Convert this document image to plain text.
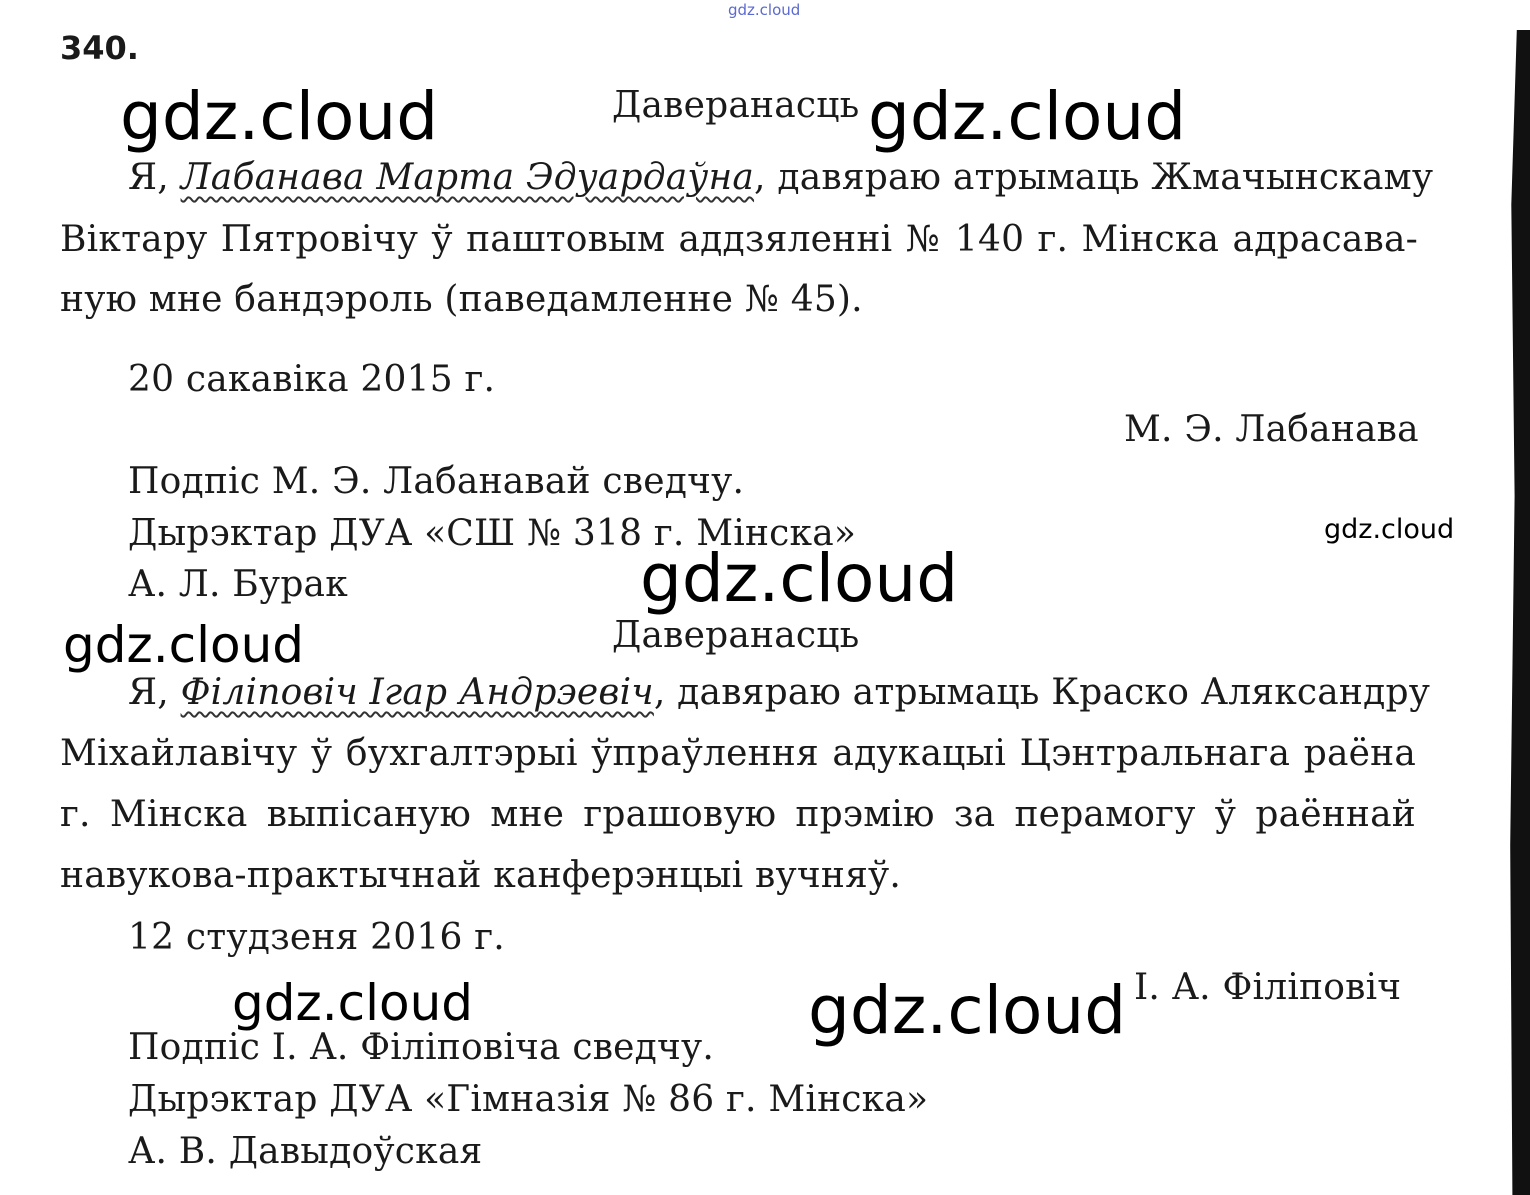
340.
Даверанасць
Я, Лабанава Марта Эдуардаўна, давяраю атрымаць Жмачынскаму
Віктару Пятровічу ў паштовым аддзяленні № 140 г. Мінска адрасава-
ную мне бандэроль (паведамленне № 45).
20 сакавіка 2015 г.
М. Э. Лабанава
Подпіс М. Э. Лабанавай сведчу.
Дырэктар ДУА «СШ № 318 г. Мінска»
А. Л. Бурак
Даверанасць
Я, Філіповіч Ігар Андрэевіч, давяраю атрымаць Краско Аляксандру
Міхайлавічу ў бухгалтэрыі ўпраўлення адукацыі Цэнтральнага раёна
г. Мінска выпісаную мне грашовую прэмію за перамогу ў раённай
навукова-практычнай канферэнцыі вучняў.
12 студзеня 2016 г.
І. А. Філіповіч
Подпіс І. А. Філіповіча сведчу.
Дырэктар ДУА «Гімназія № 86 г. Мінска»
А. В. Давыдоўская
gdz.cloud
gdz.cloud	gdz.cloud
gdz.cloud
gdz.cloud
gdz.cloud
gdz.cloud	gdz.cloud
